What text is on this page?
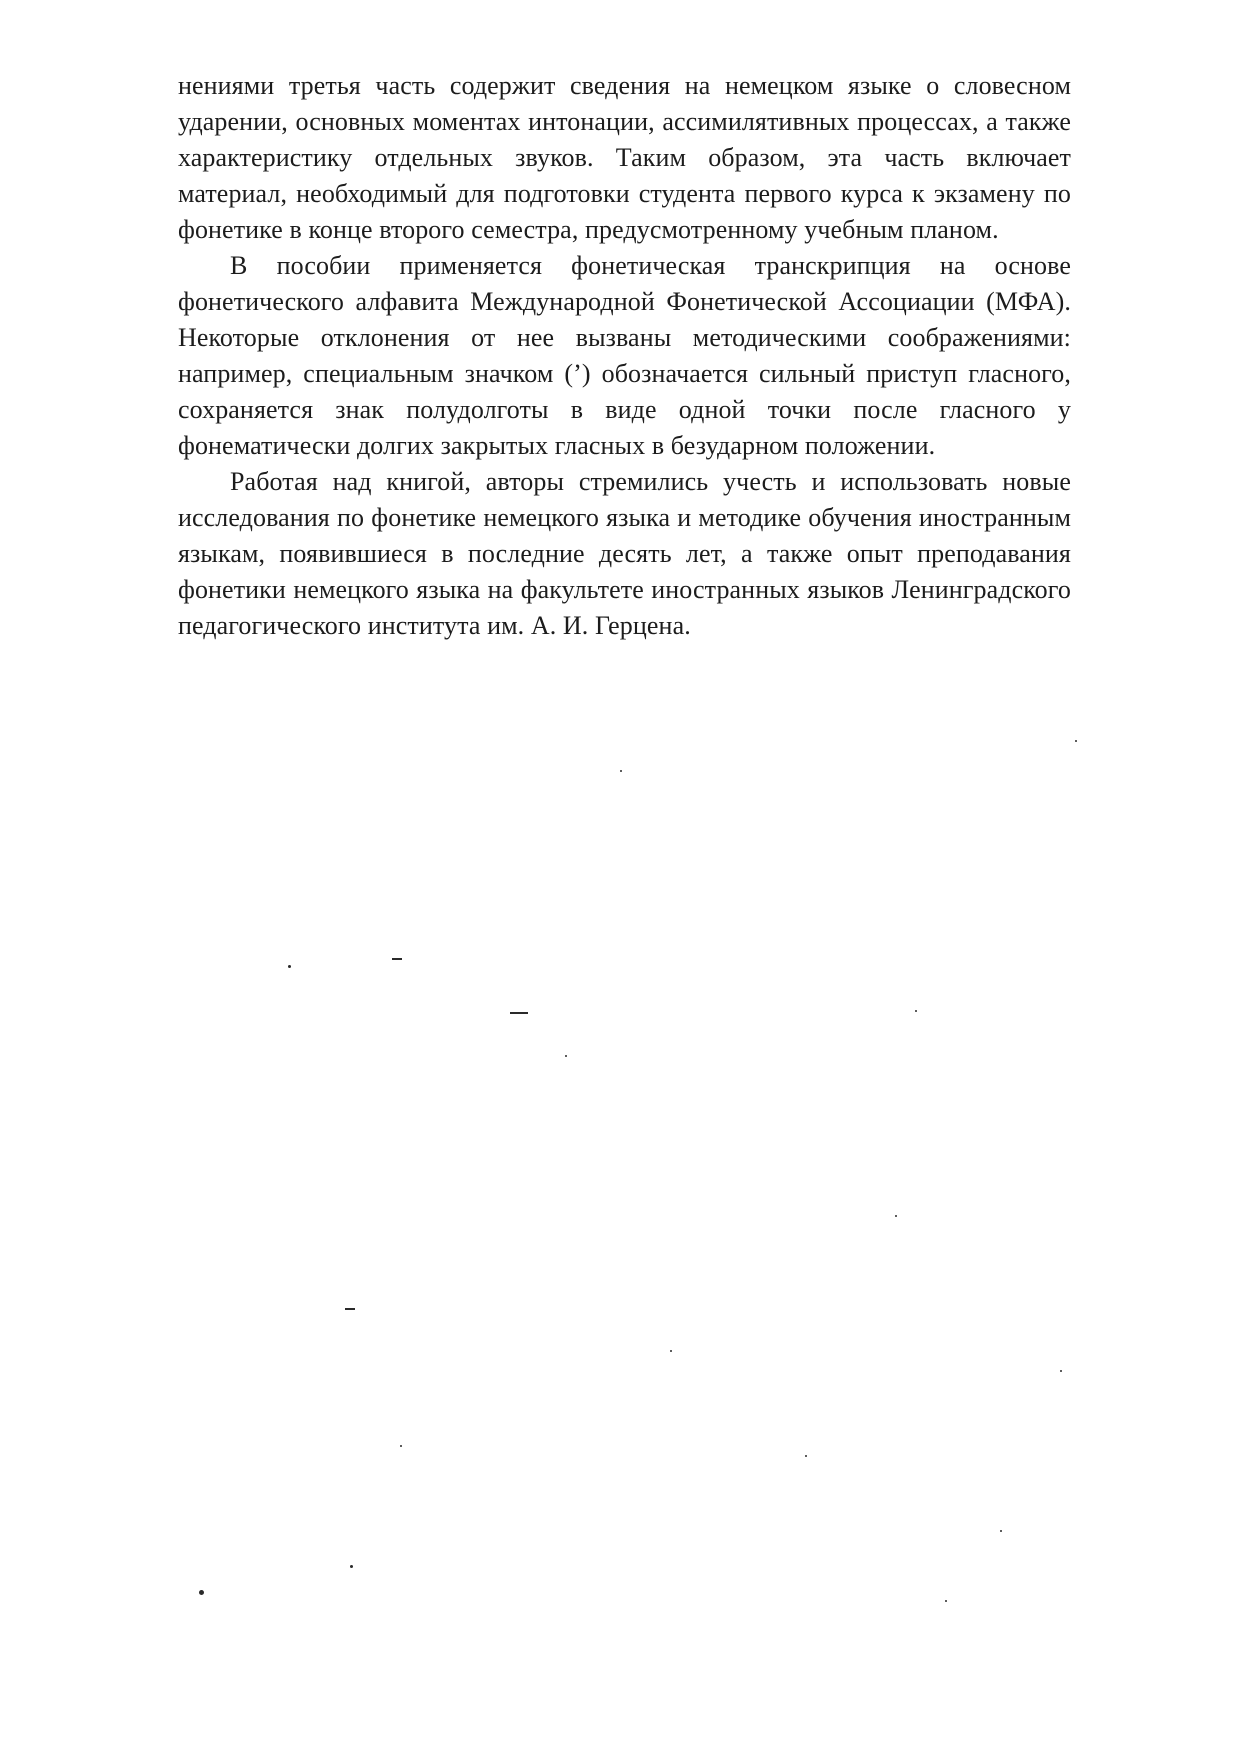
нениями третья часть содержит сведения на немецком языке о словесном ударении, основных моментах интонации, ассимилятивных процессах, а также характеристику отдельных звуков. Таким образом, эта часть включает материал, необходимый для подготовки студента первого курса к экзамену по фонетике в конце второго семестра, предусмотренному учебным планом.

В пособии применяется фонетическая транскрипция на основе фонетического алфавита Международной Фонетической Ассоциации (МФА). Некоторые отклонения от нее вызваны методическими соображениями: например, специальным значком (’) обозначается сильный приступ гласного, сохраняется знак полудолготы в виде одной точки после гласного у фонематически долгих закрытых гласных в безударном положении.

Работая над книгой, авторы стремились учесть и использовать новые исследования по фонетике немецкого языка и методике обучения иностранным языкам, появившиеся в последние десять лет, а также опыт преподавания фонетики немецкого языка на факультете иностранных языков Ленинградского педагогического института им. А. И. Герцена.
